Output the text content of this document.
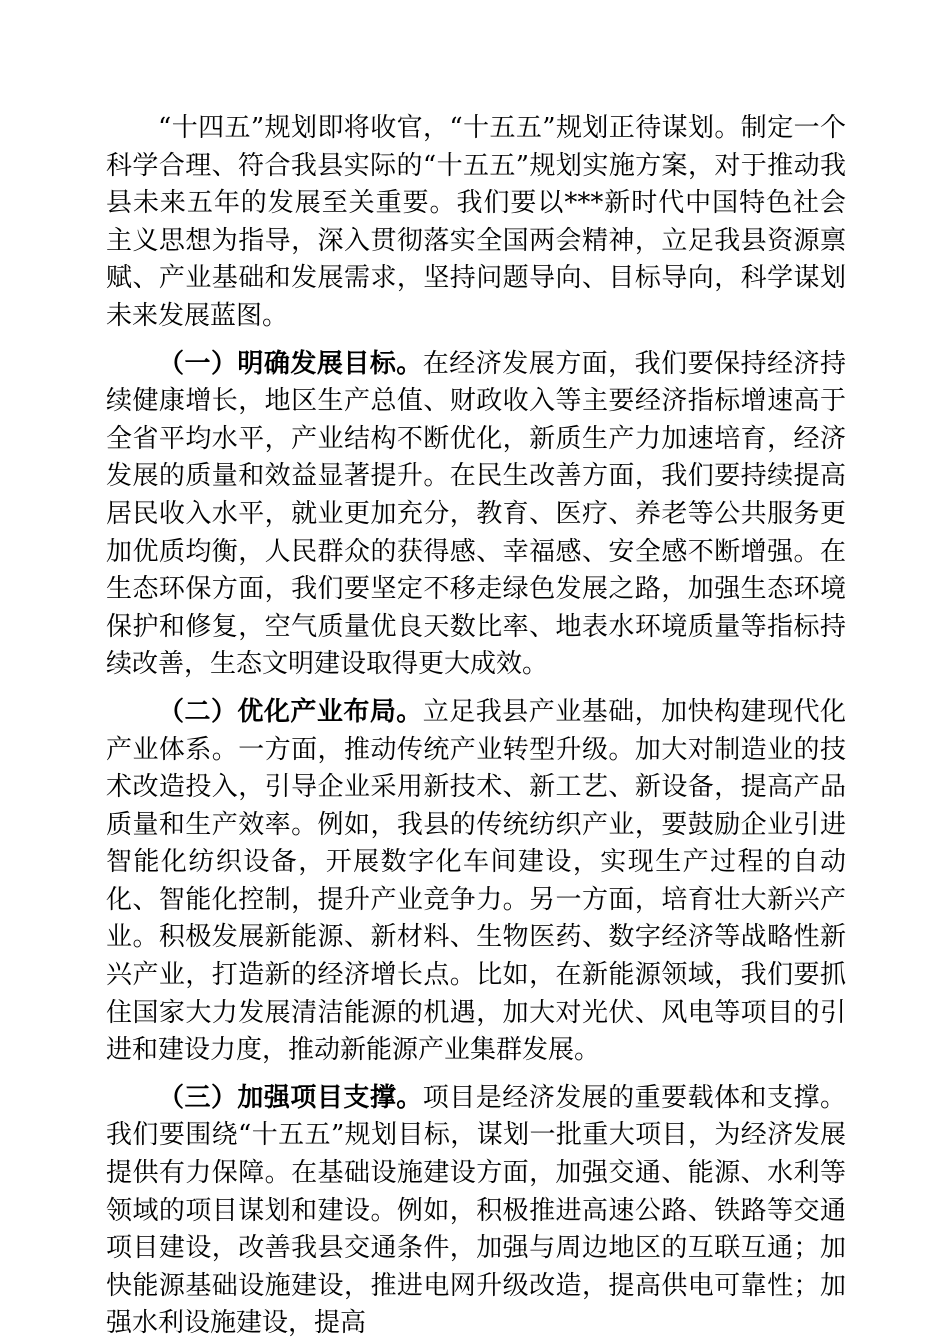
“十四五”规划即将收官，“十五五”规划正待谋划。制定一个科学合理、符合我县实际的“十五五”规划实施方案，对于推动我县未来五年的发展至关重要。我们要以***新时代中国特色社会主义思想为指导，深入贯彻落实全国两会精神，立足我县资源禀赋、产业基础和发展需求，坚持问题导向、目标导向，科学谋划未来发展蓝图。

（一）明确发展目标。在经济发展方面，我们要保持经济持续健康增长，地区生产总值、财政收入等主要经济指标增速高于全省平均水平，产业结构不断优化，新质生产力加速培育，经济发展的质量和效益显著提升。在民生改善方面，我们要持续提高居民收入水平，就业更加充分，教育、医疗、养老等公共服务更加优质均衡，人民群众的获得感、幸福感、安全感不断增强。在生态环保方面，我们要坚定不移走绿色发展之路，加强生态环境保护和修复，空气质量优良天数比率、地表水环境质量等指标持续改善，生态文明建设取得更大成效。

（二）优化产业布局。立足我县产业基础，加快构建现代化产业体系。一方面，推动传统产业转型升级。加大对制造业的技术改造投入，引导企业采用新技术、新工艺、新设备，提高产品质量和生产效率。例如，我县的传统纺织产业，要鼓励企业引进智能化纺织设备，开展数字化车间建设，实现生产过程的自动化、智能化控制，提升产业竞争力。另一方面，培育壮大新兴产业。积极发展新能源、新材料、生物医药、数字经济等战略性新兴产业，打造新的经济增长点。比如，在新能源领域，我们要抓住国家大力发展清洁能源的机遇，加大对光伏、风电等项目的引进和建设力度，推动新能源产业集群发展。

（三）加强项目支撑。项目是经济发展的重要载体和支撑。我们要围绕“十五五”规划目标，谋划一批重大项目，为经济发展提供有力保障。在基础设施建设方面，加强交通、能源、水利等领域的项目谋划和建设。例如，积极推进高速公路、铁路等交通项目建设，改善我县交通条件，加强与周边地区的互联互通；加快能源基础设施建设，推进电网升级改造，提高供电可靠性；加强水利设施建设，提高
